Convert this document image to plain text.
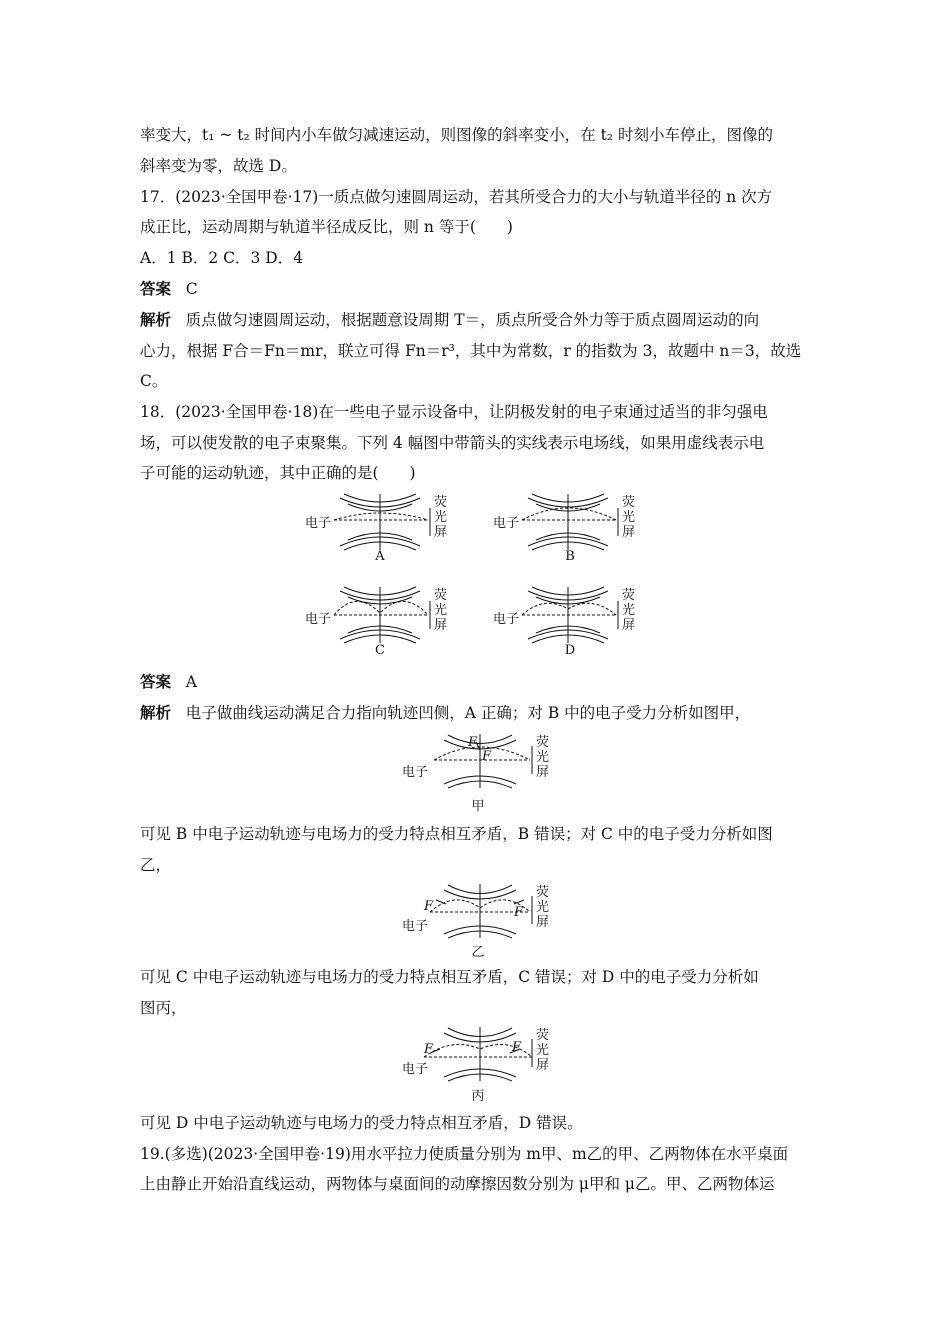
率变大，t₁ ~ t₂ 时间内小车做匀减速运动，则图像的斜率变小，在 t₂ 时刻小车停止，图像的
斜率变为零，故选 D。
17．(2023·全国甲卷·17)一质点做匀速圆周运动，若其所受合力的大小与轨道半径的 n 次方
成正比，运动周期与轨道半径成反比，则 n 等于(　　)
A．1 B．2 C．3 D．4
答案 C
解析 质点做匀速圆周运动，根据题意设周期 T＝，质点所受合外力等于质点圆周运动的向
心力，根据 F合＝Fn＝mr，联立可得 Fn＝r³，其中为常数，r 的指数为 3，故题中 n＝3，故选
C。
18．(2023·全国甲卷·18)在一些电子显示设备中，让阴极发射的电子束通过适当的非匀强电
场，可以使发散的电子束聚集。下列 4 幅图中带箭头的实线表示电场线，如果用虚线表示电
子可能的运动轨迹，其中正确的是(　　)
电子
荧
光
屏
A
电子
荧
光
屏
B
电子
荧
光
屏
C
电子
荧
光
屏
D
答案 A
解析 电子做曲线运动满足合力指向轨迹凹侧，A 正确；对 B 中的电子受力分析如图甲，
F
F
电子
荧
光
屏
甲
可见 B 中电子运动轨迹与电场力的受力特点相互矛盾，B 错误；对 C 中的电子受力分析如图
乙，
F	F
电子
荧
光
屏
乙
可见 C 中电子运动轨迹与电场力的受力特点相互矛盾，C 错误；对 D 中的电子受力分析如
图丙，
F	F
电子
荧
光
屏
丙
可见 D 中电子运动轨迹与电场力的受力特点相互矛盾，D 错误。
19.(多选)(2023·全国甲卷·19)用水平拉力使质量分别为 m甲、m乙的甲、乙两物体在水平桌面
上由静止开始沿直线运动，两物体与桌面间的动摩擦因数分别为 μ甲和 μ乙。甲、乙两物体运
